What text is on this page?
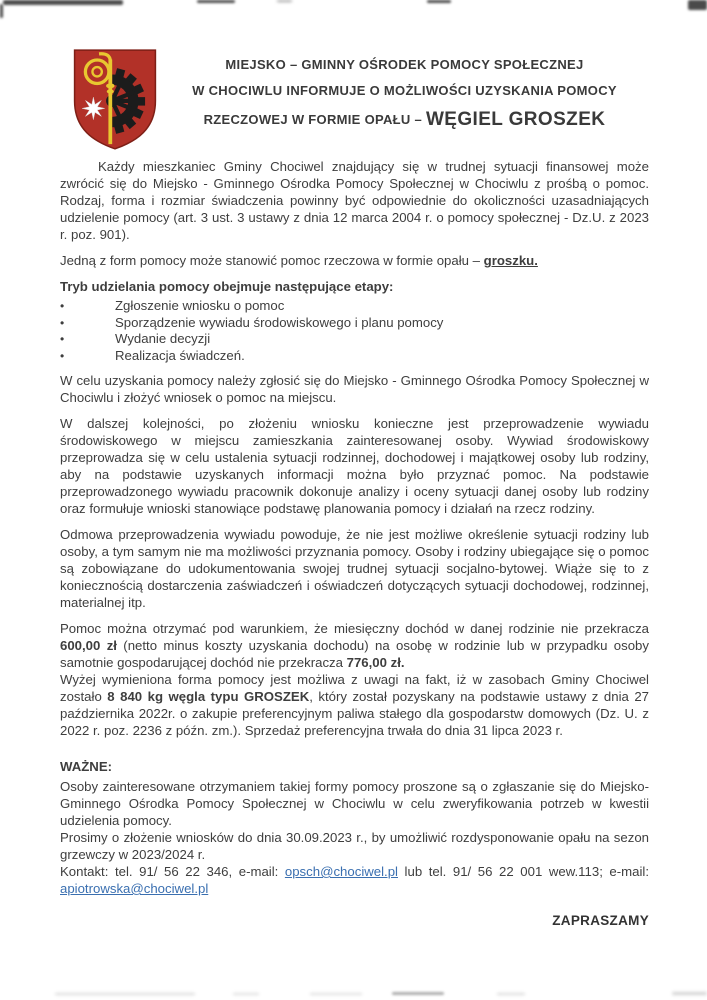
MIEJSKO – GMINNY OŚRODEK POMOCY SPOŁECZNEJ

W CHOCIWLU INFORMUJE O MOŻLIWOŚCI UZYSKANIA POMOCY

RZECZOWEJ W FORMIE OPAŁU – WĘGIEL GROSZEK

Każdy mieszkaniec Gminy Chociwel znajdujący się w trudnej sytuacji finansowej może zwrócić się do Miejsko - Gminnego Ośrodka Pomocy Społecznej w Chociwlu z prośbą o pomoc. Rodzaj, forma i rozmiar świadczenia powinny być odpowiednie do okoliczności uzasadniających udzielenie pomocy (art. 3 ust. 3 ustawy z dnia 12 marca 2004 r. o pomocy społecznej - Dz.U. z 2023 r. poz. 901).

Jedną z form pomocy może stanowić pomoc rzeczowa w formie opału – groszku.

Tryb udzielania pomocy obejmuje następujące etapy:

•	Zgłoszenie wniosku o pomoc
•	Sporządzenie wywiadu środowiskowego i planu pomocy
•	Wydanie decyzji
•	Realizacja świadczeń.

W celu uzyskania pomocy należy zgłosić się do Miejsko - Gminnego Ośrodka Pomocy Społecznej w Chociwlu i złożyć wniosek o pomoc na miejscu.

W dalszej kolejności, po złożeniu wniosku konieczne jest przeprowadzenie wywiadu środowiskowego w miejscu zamieszkania zainteresowanej osoby. Wywiad środowiskowy przeprowadza się w celu ustalenia sytuacji rodzinnej, dochodowej i majątkowej osoby lub rodziny, aby na podstawie uzyskanych informacji można było przyznać pomoc. Na podstawie przeprowadzonego wywiadu pracownik dokonuje analizy i oceny sytuacji danej osoby lub rodziny oraz formułuje wnioski stanowiące podstawę planowania pomocy i działań na rzecz rodziny.

Odmowa przeprowadzenia wywiadu powoduje, że nie jest możliwe określenie sytuacji rodziny lub osoby, a tym samym nie ma możliwości przyznania pomocy. Osoby i rodziny ubiegające się o pomoc są zobowiązane do udokumentowania swojej trudnej sytuacji socjalno-bytowej. Wiąże się to z koniecznością dostarczenia zaświadczeń i oświadczeń dotyczących sytuacji dochodowej, rodzinnej, materialnej itp.

Pomoc można otrzymać pod warunkiem, że miesięczny dochód w danej rodzinie nie przekracza 600,00 zł (netto minus koszty uzyskania dochodu) na osobę w rodzinie lub w przypadku osoby samotnie gospodarującej dochód nie przekracza 776,00 zł.

Wyżej wymieniona forma pomocy jest możliwa z uwagi na fakt, iż w zasobach Gminy Chociwel zostało 8 840 kg węgla typu GROSZEK, który został pozyskany na podstawie ustawy z dnia 27 października 2022r. o zakupie preferencyjnym paliwa stałego dla gospodarstw domowych (Dz. U. z 2022 r. poz. 2236 z późn. zm.). Sprzedaż preferencyjna trwała do dnia 31 lipca 2023 r.

WAŻNE:

Osoby zainteresowane otrzymaniem takiej formy pomocy proszone są o zgłaszanie się do Miejsko-Gminnego Ośrodka Pomocy Społecznej w Chociwlu w celu zweryfikowania potrzeb w kwestii udzielenia pomocy.

Prosimy o złożenie wniosków do dnia 30.09.2023 r., by umożliwić rozdysponowanie opału na sezon grzewczy w 2023/2024 r.

Kontakt: tel. 91/ 56 22 346, e-mail: opsch@chociwel.pl lub tel. 91/ 56 22 001 wew.113; e-mail: apiotrowska@chociwel.pl

ZAPRASZAMY
